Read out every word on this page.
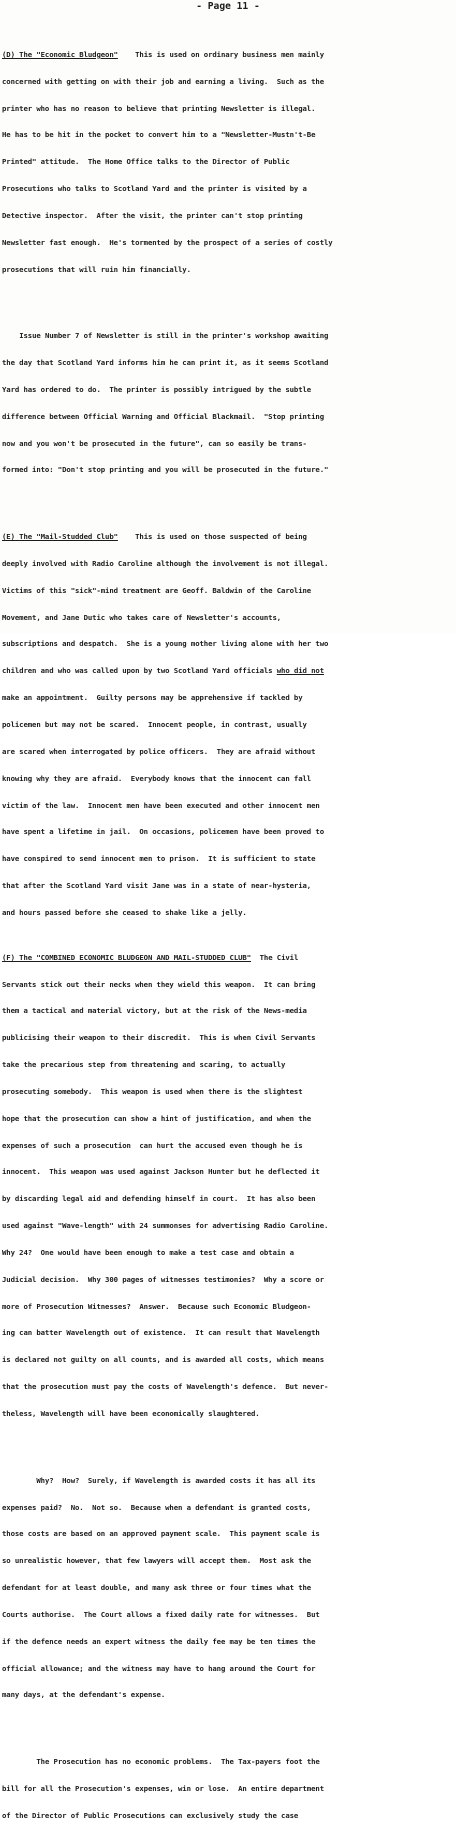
- Page 11 -

(D) The "Economic Bludgeon" This is used on ordinary business men mainly

concerned with getting on with their job and earning a living.  Such as the

printer who has no reason to believe that printing Newsletter is illegal.

He has to be hit in the pocket to convert him to a "Newsletter-Mustn't-Be

Printed" attitude.  The Home Office talks to the Director of Public

Prosecutions who talks to Scotland Yard and the printer is visited by a

Detective inspector.  After the visit, the printer can't stop printing

Newsletter fast enough.  He's tormented by the prospect of a series of costly

prosecutions that will ruin him financially.

Issue Number 7 of Newsletter is still in the printer's workshop awaiting

the day that Scotland Yard informs him he can print it, as it seems Scotland

Yard has ordered to do.  The printer is possibly intrigued by the subtle

difference between Official Warning and Official Blackmail.  "Stop printing

now and you won't be prosecuted in the future", can so easily be trans-

formed into: "Don't stop printing and you will be prosecuted in the future."

(E) The "Mail-Studded Club" This is used on those suspected of being

deeply involved with Radio Caroline although the involvement is not illegal.

Victims of this "sick"-mind treatment are Geoff. Baldwin of the Caroline

Movement, and Jane Dutic who takes care of Newsletter's accounts,

subscriptions and despatch.  She is a young mother living alone with her two

children and who was called upon by two Scotland Yard officials who did not

make an appointment.  Guilty persons may be apprehensive if tackled by

policemen but may not be scared.  Innocent people, in contrast, usually

are scared when interrogated by police officers.  They are afraid without

knowing why they are afraid.  Everybody knows that the innocent can fall

victim of the law.  Innocent men have been executed and other innocent men

have spent a lifetime in jail.  On occasions, policemen have been proved to

have conspired to send innocent men to prison.  It is sufficient to state

that after the Scotland Yard visit Jane was in a state of near-hysteria,

and hours passed before she ceased to shake like a jelly.

(F) The "COMBINED ECONOMIC BLUDGEON AND MAIL-STUDDED CLUB" The Civil

Servants stick out their necks when they wield this weapon.  It can bring

them a tactical and material victory, but at the risk of the News-media

publicising their weapon to their discredit.  This is when Civil Servants

take the precarious step from threatening and scaring, to actually

prosecuting somebody.  This weapon is used when there is the slightest

hope that the prosecution can show a hint of justification, and when the

expenses of such a prosecution  can hurt the accused even though he is

innocent.  This weapon was used against Jackson Hunter but he deflected it

by discarding legal aid and defending himself in court.  It has also been

used against "Wave-length" with 24 summonses for advertising Radio Caroline.

Why 24?  One would have been enough to make a test case and obtain a

Judicial decision.  Why 300 pages of witnesses testimonies?  Why a score or

more of Prosecution Witnesses?  Answer.  Because such Economic Bludgeon-

ing can batter Wavelength out of existence.  It can result that Wavelength

is declared not guilty on all counts, and is awarded all costs, which means

that the prosecution must pay the costs of Wavelength's defence.  But never-

theless, Wavelength will have been economically slaughtered.

Why?  How?  Surely, if Wavelength is awarded costs it has all its

expenses paid?  No.  Not so.  Because when a defendant is granted costs,

those costs are based on an approved payment scale.  This payment scale is

so unrealistic however, that few lawyers will accept them.  Most ask the

defendant for at least double, and many ask three or four times what the

Courts authorise.  The Court allows a fixed daily rate for witnesses.  But

if the defence needs an expert witness the daily fee may be ten times the

official allowance; and the witness may have to hang around the Court for

many days, at the defendant's expense.

The Prosecution has no economic problems.  The Tax-payers foot the

bill for all the Prosecution's expenses, win or lose.  An entire department

of the Director of Public Prosecutions can exclusively study the case
